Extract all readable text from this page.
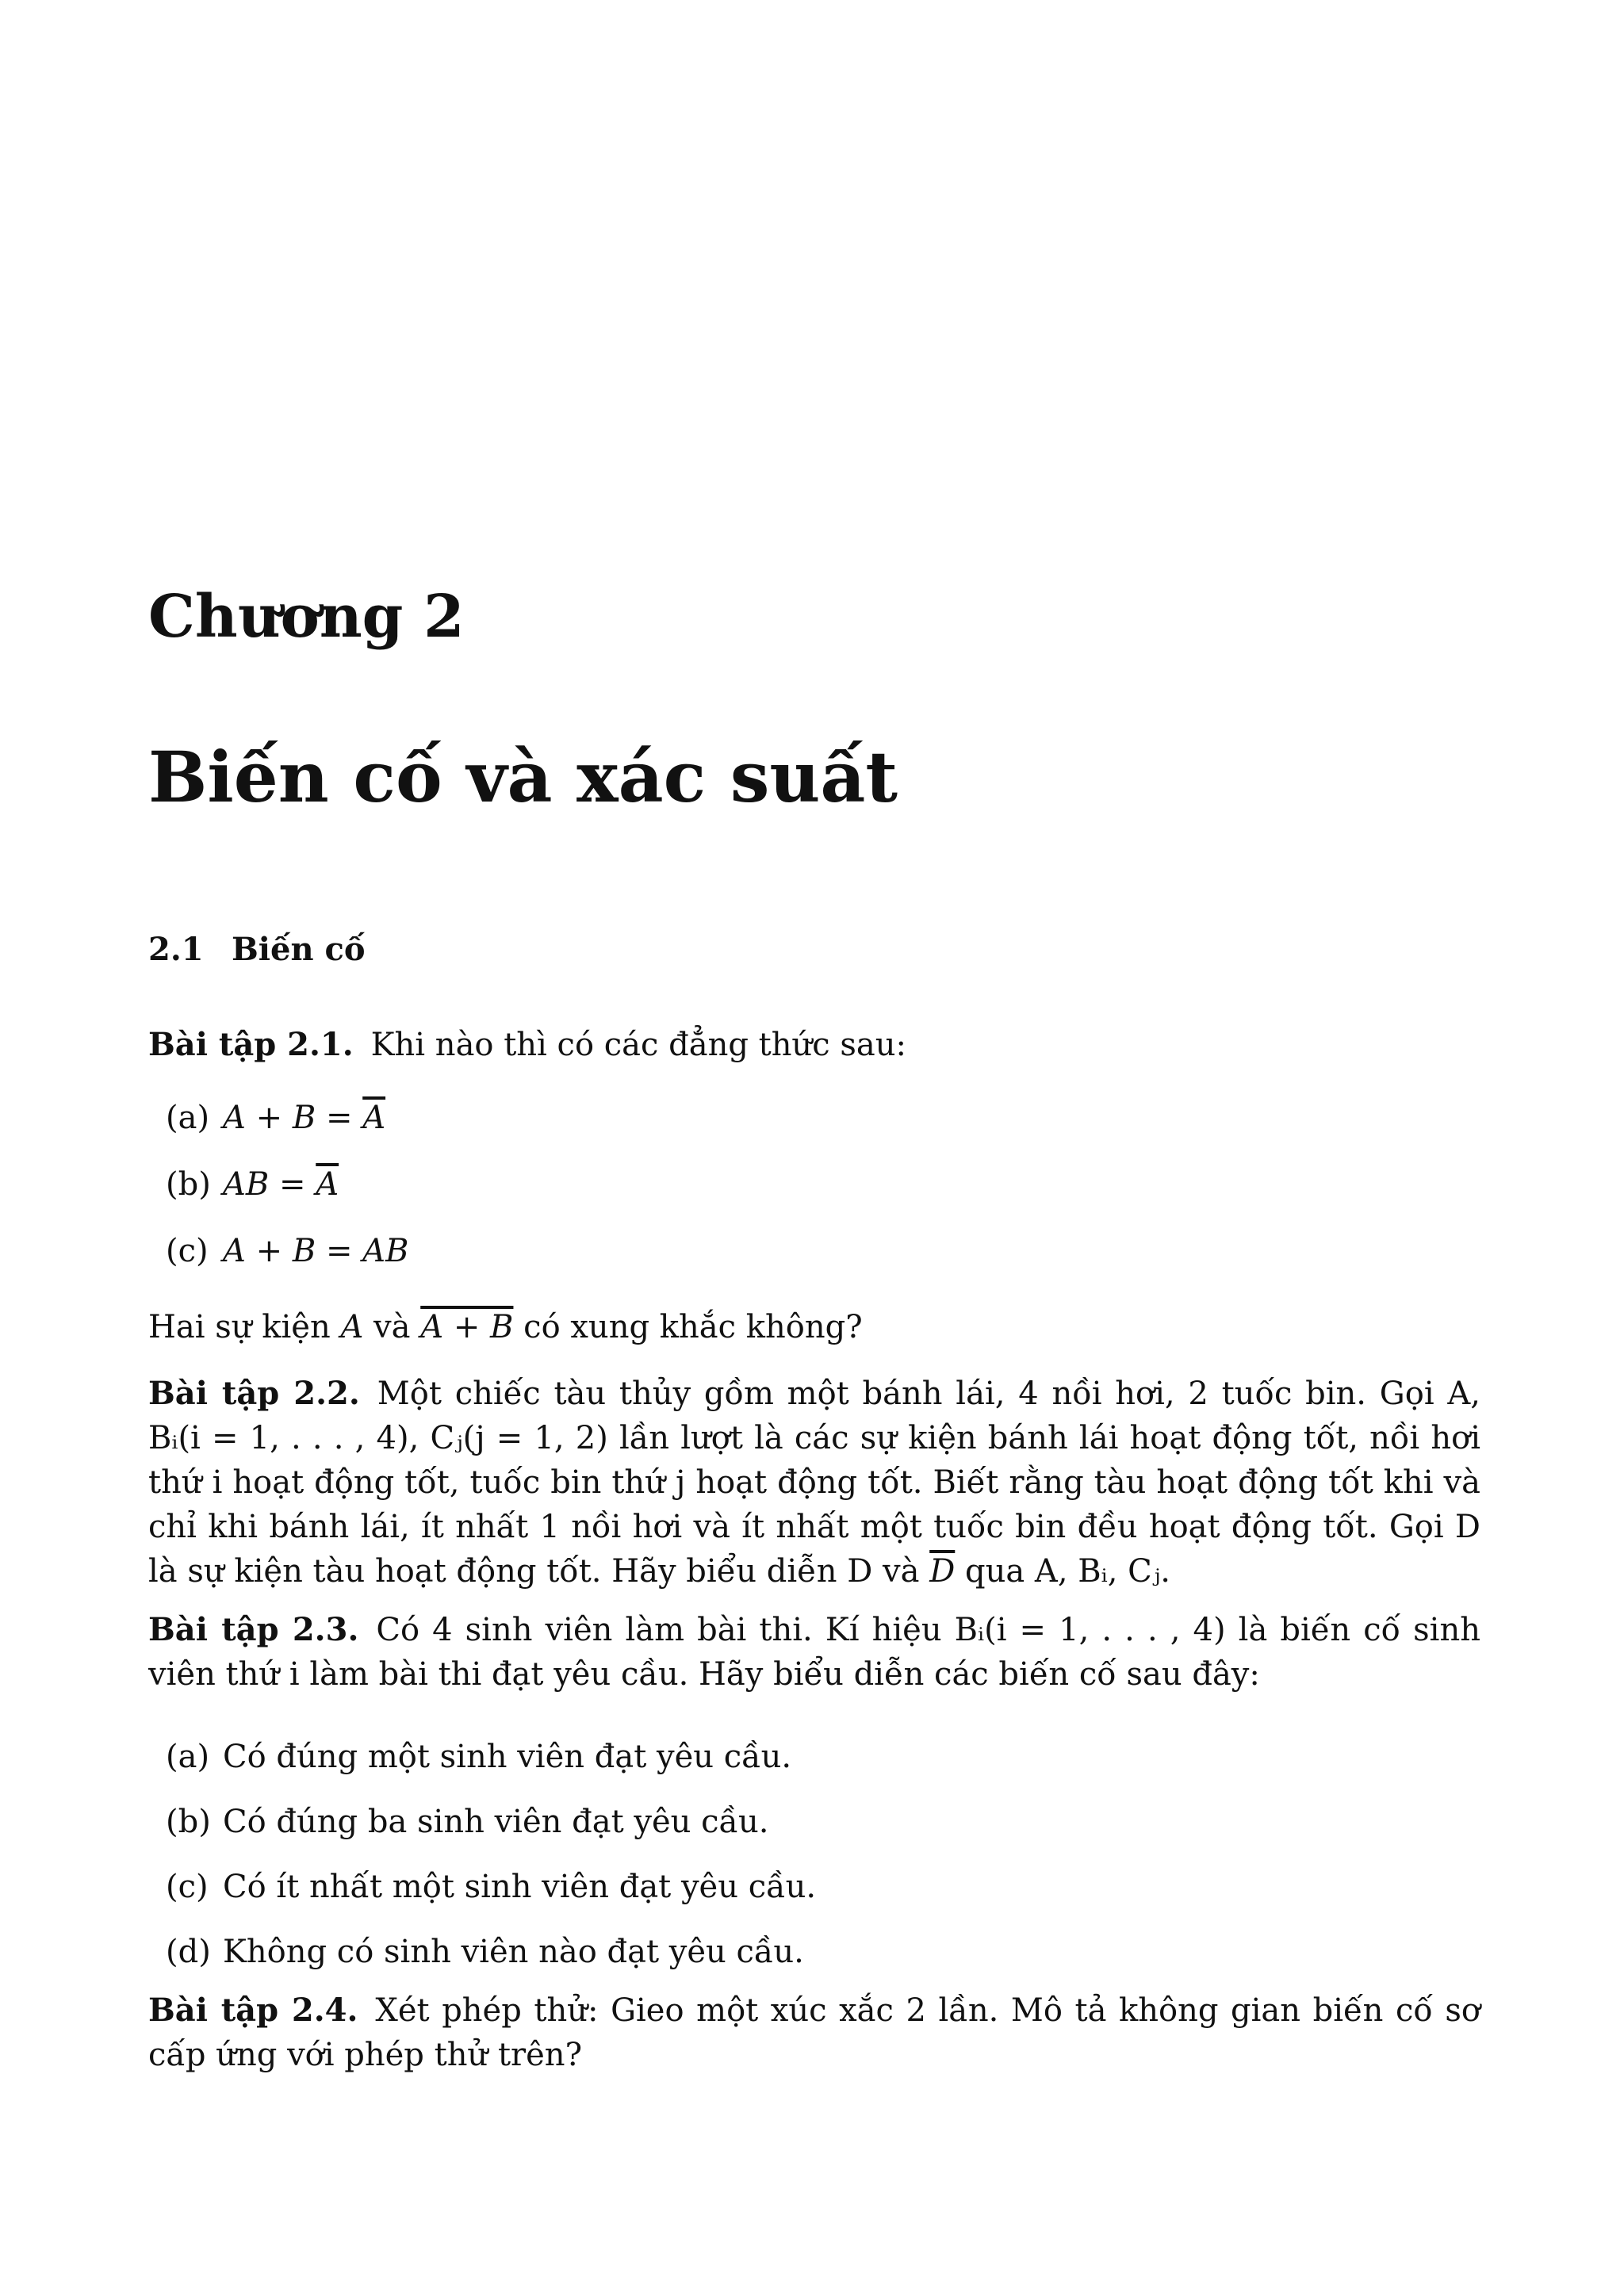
Chương 2
Biến cố và xác suất
2.1 Biến cố
Bài tập 2.1. Khi nào thì có các đẳng thức sau:
(a) $A + B = \overline{A}$
(b) AB = $\overline{A}$
(c) A + B = AB
Hai sự kiện A và A + B có xung khắc không?
Bài tập 2.2. Một chiếc tàu thủy gồm một bánh lái, 4 nồi hơi, 2 tuốc bin. Gọi A, Bᵢ(i = 1, . . . , 4), Cⱼ(j = 1, 2) lần lượt là các sự kiện bánh lái hoạt động tốt, nồi hơi thứ i hoạt động tốt, tuốc bin thứ j hoạt động tốt. Biết rằng tàu hoạt động tốt khi và chỉ khi bánh lái, ít nhất 1 nồi hơi và ít nhất một tuốc bin đều hoạt động tốt. Gọi D là sự kiện tàu hoạt động tốt. Hãy biểu diễn D và $\overline{D}$ qua A, Bᵢ, Cⱼ.
Bài tập 2.3. Có 4 sinh viên làm bài thi. Kí hiệu Bᵢ(i = 1, . . . , 4) là biến cố sinh viên thứ i làm bài thi đạt yêu cầu. Hãy biểu diễn các biến cố sau đây:
(a) Có đúng một sinh viên đạt yêu cầu.
(b) Có đúng ba sinh viên đạt yêu cầu.
(c) Có ít nhất một sinh viên đạt yêu cầu.
(d) Không có sinh viên nào đạt yêu cầu.
Bài tập 2.4. Xét phép thử: Gieo một xúc xắc 2 lần. Mô tả không gian biến cố sơ cấp ứng với phép thử trên?
